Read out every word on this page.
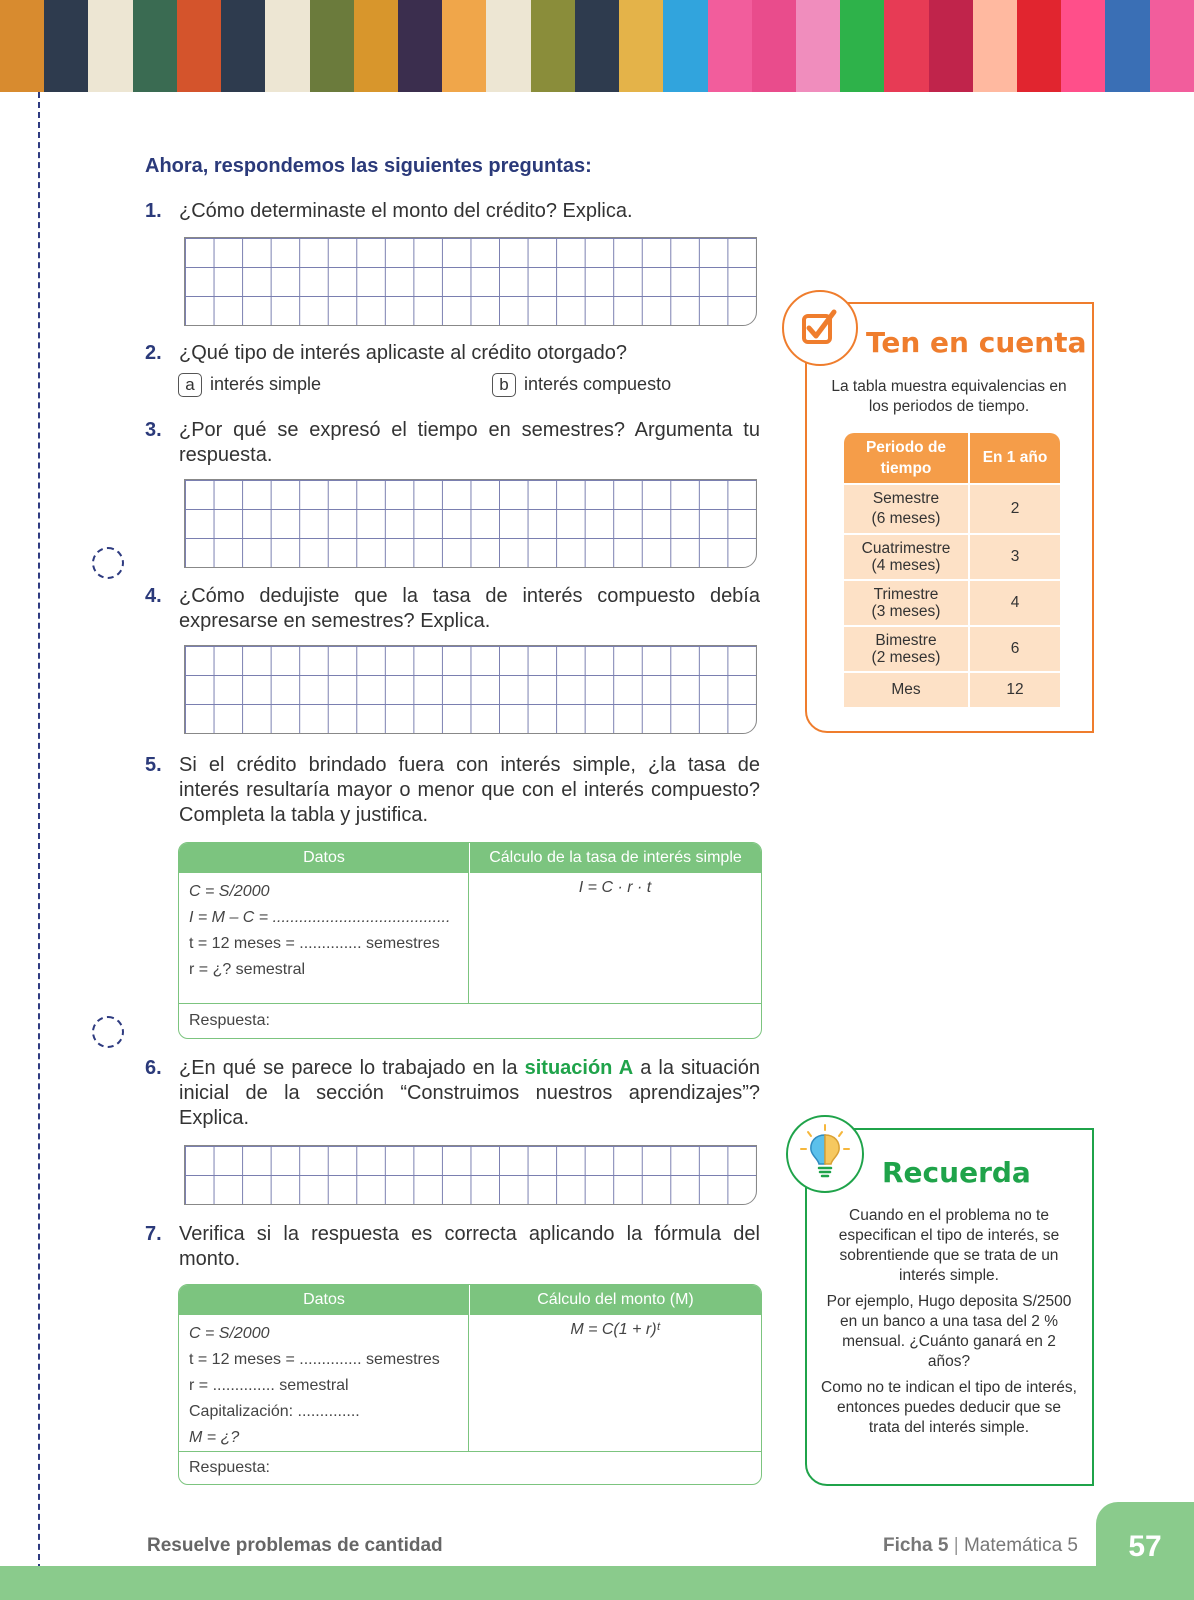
Ahora, respondemos las siguientes preguntas:
1. ¿Cómo determinaste el monto del crédito? Explica.
2. ¿Qué tipo de interés aplicaste al crédito otorgado?
a interés simple	b interés compuesto
3. ¿Por qué se expresó el tiempo en semestres? Argumenta tu respuesta.
4. ¿Cómo dedujiste que la tasa de interés compuesto debía expresarse en semestres? Explica.
5. Si el crédito brindado fuera con interés simple, ¿la tasa de interés resultaría mayor o menor que con el interés compuesto? Completa la tabla y justifica.
Datos	Cálculo de la tasa de interés simple
C = S/2000
I = M – C = ........................................
t = 12 meses = .............. semestres
r = ¿? semestral
I = C · r · t
Respuesta:
6. ¿En qué se parece lo trabajado en la situación A a la situación inicial de la sección “Construimos nuestros aprendizajes”? Explica.
7. Verifica si la respuesta es correcta aplicando la fórmula del monto.
Datos	Cálculo del monto (M)
C = S/2000
t = 12 meses = .............. semestres
r = .............. semestral
Capitalización: ..............
M = ¿?
M = C(1 + r)ᵗ
Respuesta:
Ten en cuenta
La tabla muestra equivalencias en los periodos de tiempo.
Periodo de tiempo	En 1 año

Semestre
(6 meses)	2

Cuatrimestre
(4 meses)	3

Trimestre
(3 meses)	4

Bimestre
(2 meses)	6

Mes	12
Recuerda
Cuando en el problema no te especifican el tipo de interés, se sobrentiende que se trata de un interés simple.
Por ejemplo, Hugo deposita S/2500 en un banco a una tasa del 2 % mensual. ¿Cuánto ganará en 2 años?
Como no te indican el tipo de interés, entonces puedes deducir que se trata del interés simple.
Resuelve problemas de cantidad	Ficha 5 | Matemática 5	57
